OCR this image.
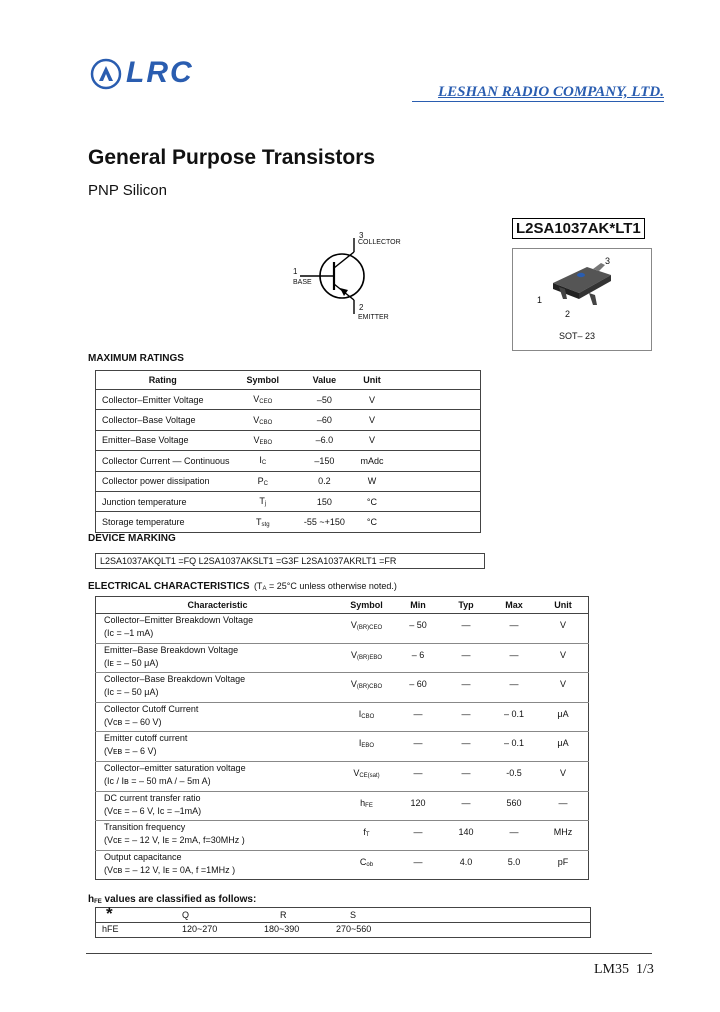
LRC
LESHAN RADIO COMPANY, LTD.
General Purpose Transistors
PNP Silicon
L2SA1037AK*LT1
3
COLLECTOR
1
BASE
2
EMITTER
3
1
2
SOT– 23
MAXIMUM RATINGS
Rating	Symbol	Value	Unit	
Collector–Emitter Voltage	VCEO	–50	V	
Collector–Base Voltage	VCBO	–60	V	
Emitter–Base Voltage	VEBO	–6.0	V	
Collector Current — Continuous	IC	–150	mAdc	
Collector power dissipation	PC	0.2	W	
Junction temperature	Tj	150	°C	
Storage temperature	Tstg	-55 ~+150	°C	
DEVICE MARKING
L2SA1037AKQLT1 =FQ L2SA1037AKSLT1 =G3F L2SA1037AKRLT1 =FR
ELECTRICAL CHARACTERISTICS (TA = 25°C unless otherwise noted.)
Characteristic	Symbol	Min	Typ	Max	Unit

Collector–Emitter Breakdown Voltage
(Iᴄ = –1 mA)	V(BR)CEO	– 50	—	—	V

Emitter–Base Breakdown Voltage
(Iᴇ = – 50 μA)	V(BR)EBO	– 6	—	—	V

Collector–Base Breakdown Voltage
(Iᴄ = – 50 μA)	V(BR)CBO	– 60	—	—	V

Collector Cutoff Current
(Vᴄʙ = – 60 V)	ICBO	—	—	– 0.1	μA

Emitter cutoff current
(Vᴇʙ = – 6 V)	IEBO	—	—	– 0.1	μA

Collector–emitter saturation voltage
(Iᴄ / Iʙ = – 50 mA / – 5m A)	VCE(sat)	—	—	-0.5	V

DC current transfer ratio
(Vᴄᴇ = – 6 V, Iᴄ = –1mA)	hFE	120	—	560	—

Transition frequency
(Vᴄᴇ = – 12 V, Iᴇ = 2mA, f=30MHz )	fT	—	140	—	MHz

Output capacitance
(Vᴄʙ = – 12 V, Iᴇ = 0A, f =1MHz )	Cob	—	4.0	5.0	pF
hFE values are classified as follows:
*	Q	R	S
hFE	120~270	180~390	270~560
LM35  1/3
